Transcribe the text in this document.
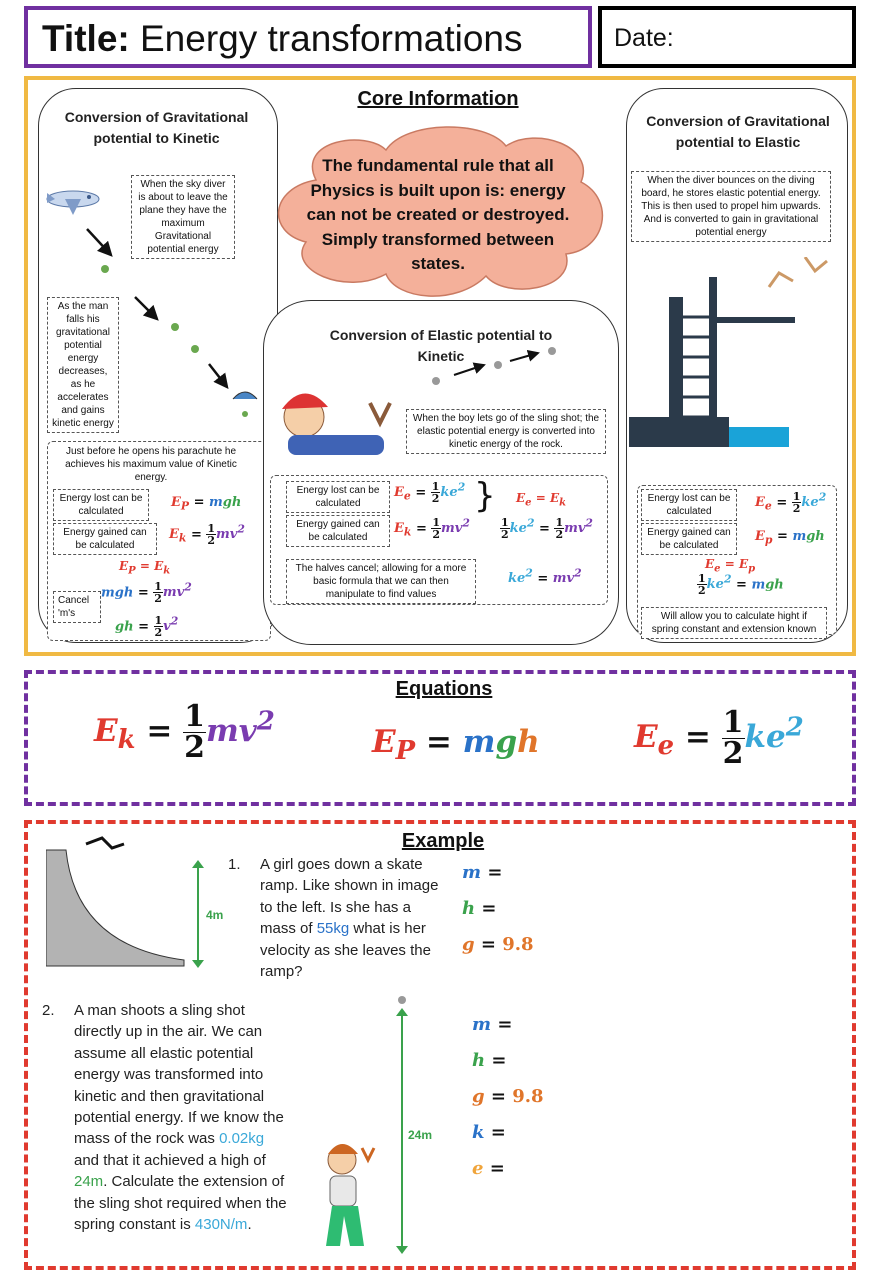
Title: Energy transformations	Date:
Core Information
Conversion of Gravitational potential to Kinetic
When the sky diver is about to leave the plane they have the maximum Gravitational potential energy
As the man falls his gravitational potential energy decreases, as he accelerates and gains kinetic energy
Just before he opens his parachute he achieves his maximum value of Kinetic energy.
Energy lost can be calculated
$E_P$ = mgh
Energy gained can be calculated
$E_k = \frac{1}{2} mv^2$
$E_P = E_k$
Cancel 'm's
mgh = $\frac{1}{2} mv^2$
gh = $\frac{1}{2} v^2$
The fundamental rule that all Physics is built upon is: energy can not be created or destroyed. Simply transformed between states.
Conversion of Elastic potential to Kinetic
When the boy lets go of the sling shot; the elastic potential energy is converted into kinetic energy of the rock.
Energy lost can be calculated
$E_e = \frac{1}{2} ke^2$ } $E_e = E_k$
Energy gained can be calculated
$E_k = \frac{1}{2} mv^2$	$\frac{1}{2} ke^2 = \frac{1}{2} mv^2$
The halves cancel; allowing for a more basic formula that we can then manipulate to find values
$ke^2 = mv^2$
Conversion of Gravitational potential to Elastic
When the diver bounces on the diving board, he stores elastic potential energy. This is then used to propel him upwards. And is converted to gain in gravitational potential energy
Energy lost can be calculated
$E_e = \frac{1}{2} ke^2$
Energy gained can be calculated
$E_p$ = mgh
$E_e = E_p$
$\frac{1}{2} ke^2$ = mgh
Will allow you to calculate hight if spring constant and extension known
Equations
$E_k = \frac{1}{2} mv^2$
$E_P$ = mgh	$E_e = \frac{1}{2} ke^2$
Example
4m
1. A girl goes down a skate ramp. Like shown in image to the left. Is she has a mass of 55kg what is her velocity as she leaves the ramp?
m =
h =
g = 9.8
2. A man shoots a sling shot directly up in the air. We can assume all elastic potential energy was transformed into kinetic and then gravitational potential energy. If we know the mass of the rock was 0.02kg and that it achieved a high of 24m. Calculate the extension of the sling shot required when the spring constant is 430N/m.
24m
m =
h =
g = 9.8
k =
e =
